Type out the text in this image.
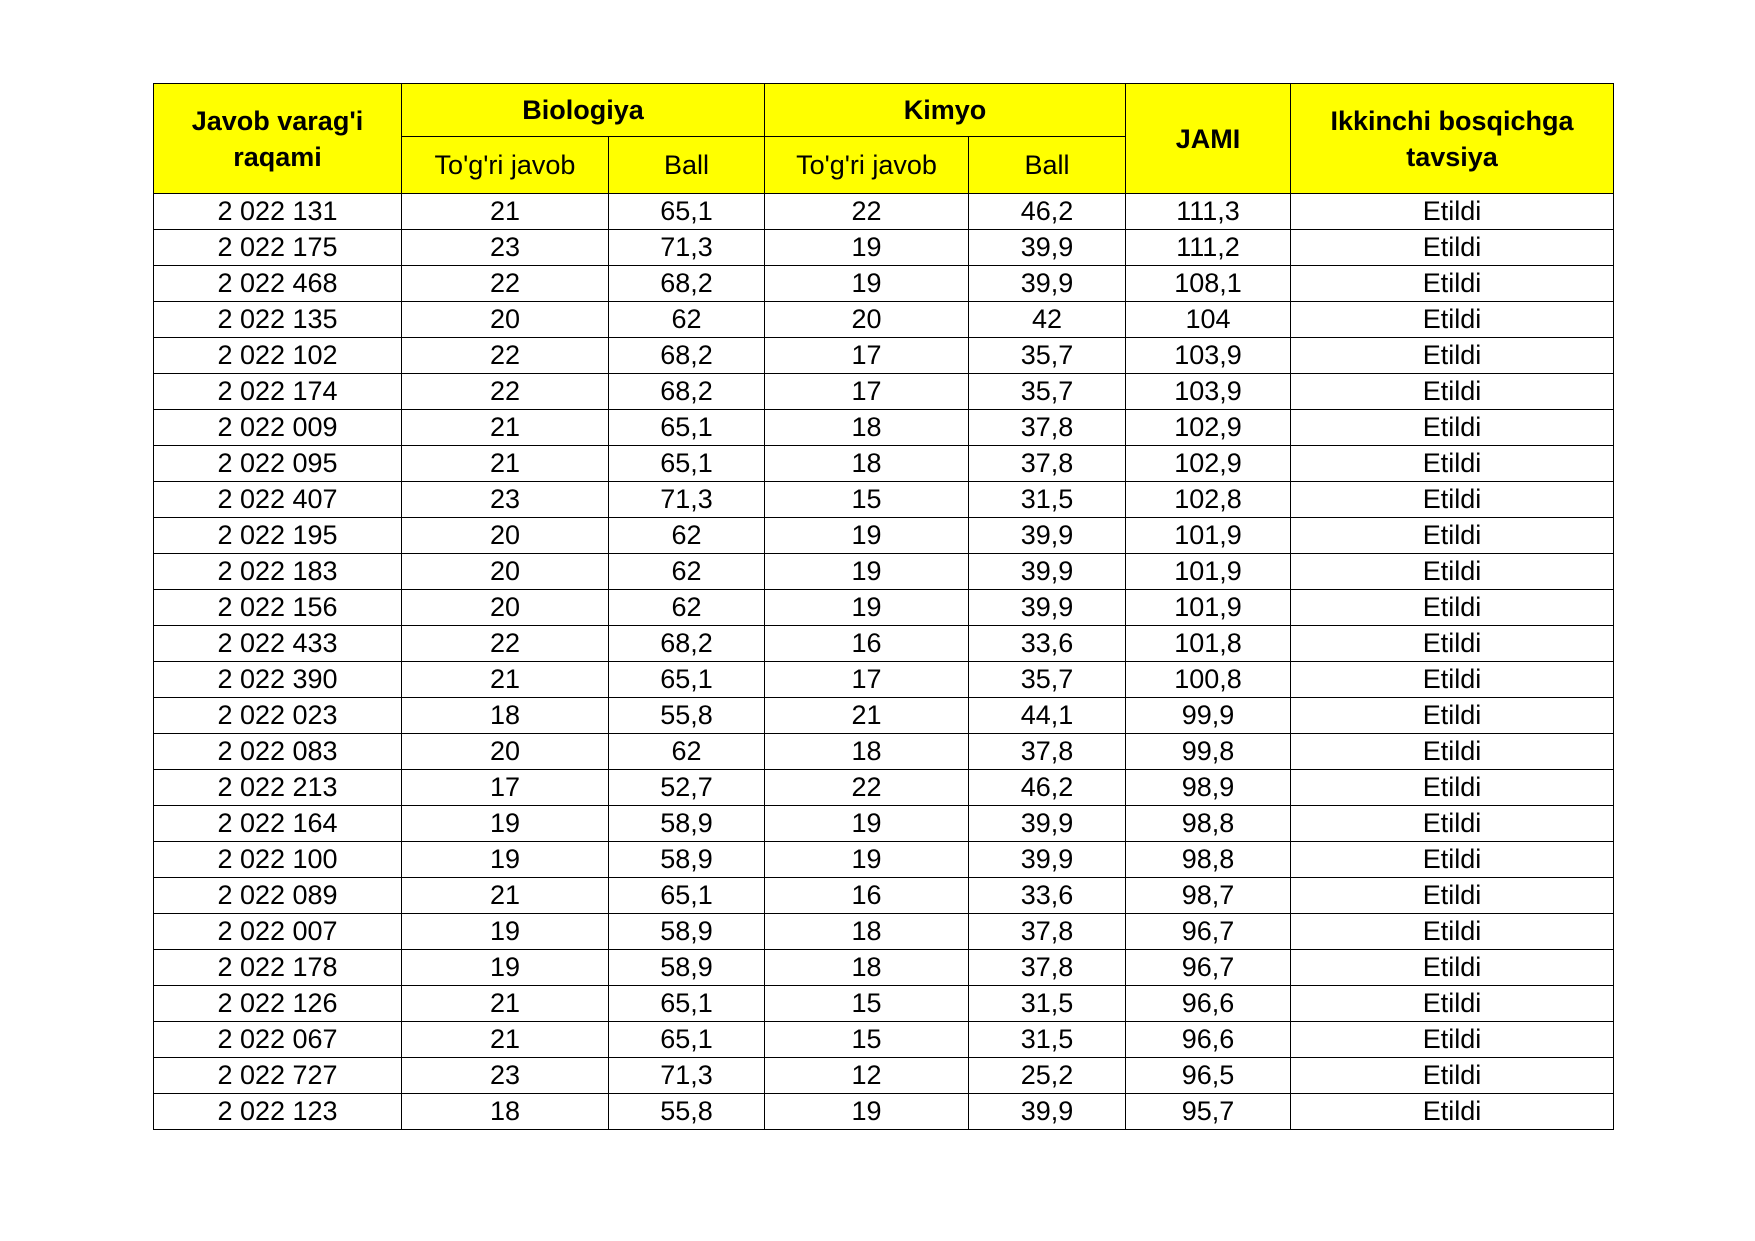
Javob varag'i raqami	Biologiya		Kimyo		JAMI	Ikkinchi bosqichga tavsiya
	To'g'ri javob	Ball	To'g'ri javob	Ball		
2 022 131	21	65,1	22	46,2	111,3	Etildi
2 022 175	23	71,3	19	39,9	111,2	Etildi
2 022 468	22	68,2	19	39,9	108,1	Etildi
2 022 135	20	62	20	42	104	Etildi
2 022 102	22	68,2	17	35,7	103,9	Etildi
2 022 174	22	68,2	17	35,7	103,9	Etildi
2 022 009	21	65,1	18	37,8	102,9	Etildi
2 022 095	21	65,1	18	37,8	102,9	Etildi
2 022 407	23	71,3	15	31,5	102,8	Etildi
2 022 195	20	62	19	39,9	101,9	Etildi
2 022 183	20	62	19	39,9	101,9	Etildi
2 022 156	20	62	19	39,9	101,9	Etildi
2 022 433	22	68,2	16	33,6	101,8	Etildi
2 022 390	21	65,1	17	35,7	100,8	Etildi
2 022 023	18	55,8	21	44,1	99,9	Etildi
2 022 083	20	62	18	37,8	99,8	Etildi
2 022 213	17	52,7	22	46,2	98,9	Etildi
2 022 164	19	58,9	19	39,9	98,8	Etildi
2 022 100	19	58,9	19	39,9	98,8	Etildi
2 022 089	21	65,1	16	33,6	98,7	Etildi
2 022 007	19	58,9	18	37,8	96,7	Etildi
2 022 178	19	58,9	18	37,8	96,7	Etildi
2 022 126	21	65,1	15	31,5	96,6	Etildi
2 022 067	21	65,1	15	31,5	96,6	Etildi
2 022 727	23	71,3	12	25,2	96,5	Etildi
2 022 123	18	55,8	19	39,9	95,7	Etildi
